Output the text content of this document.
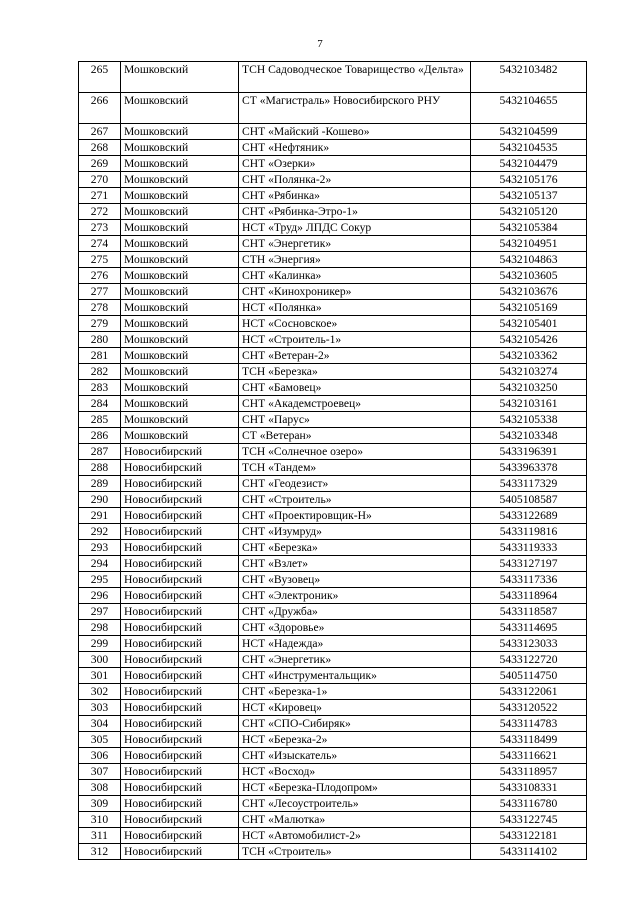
7
265	Мошковский	ТСН Садоводческое Товарищество «Дельта»	5432103482
266	Мошковский	СТ «Магистраль» Новосибирского РНУ	5432104655
267	Мошковский	СНТ «Майский -Кошево»	5432104599
268	Мошковский	СНТ «Нефтяник»	5432104535
269	Мошковский	СНТ «Озерки»	5432104479
270	Мошковский	СНТ «Полянка-2»	5432105176
271	Мошковский	СНТ «Рябинка»	5432105137
272	Мошковский	СНТ «Рябинка-Этро-1»	5432105120
273	Мошковский	НСТ «Труд» ЛПДС Сокур	5432105384
274	Мошковский	СНТ «Энергетик»	5432104951
275	Мошковский	СТН «Энергия»	5432104863
276	Мошковский	СНТ «Калинка»	5432103605
277	Мошковский	СНТ «Кинохроникер»	5432103676
278	Мошковский	НСТ «Полянка»	5432105169
279	Мошковский	НСТ «Сосновское»	5432105401
280	Мошковский	НСТ «Строитель-1»	5432105426
281	Мошковский	СНТ «Ветеран-2»	5432103362
282	Мошковский	ТСН «Березка»	5432103274
283	Мошковский	СНТ «Бамовец»	5432103250
284	Мошковский	СНТ «Академстроевец»	5432103161
285	Мошковский	СНТ «Парус»	5432105338
286	Мошковский	СТ «Ветеран»	5432103348
287	Новосибирский	ТСН «Солнечное озеро»	5433196391
288	Новосибирский	ТСН «Тандем»	5433963378
289	Новосибирский	СНТ «Геодезист»	5433117329
290	Новосибирский	СНТ «Строитель»	5405108587
291	Новосибирский	СНТ «Проектировщик-Н»	5433122689
292	Новосибирский	СНТ «Изумруд»	5433119816
293	Новосибирский	СНТ «Березка»	5433119333
294	Новосибирский	СНТ «Взлет»	5433127197
295	Новосибирский	СНТ «Вузовец»	5433117336
296	Новосибирский	СНТ «Электроник»	5433118964
297	Новосибирский	СНТ «Дружба»	5433118587
298	Новосибирский	СНТ «Здоровье»	5433114695
299	Новосибирский	НСТ «Надежда»	5433123033
300	Новосибирский	СНТ «Энергетик»	5433122720
301	Новосибирский	СНТ «Инструментальщик»	5405114750
302	Новосибирский	СНТ «Березка-1»	5433122061
303	Новосибирский	НСТ «Кировец»	5433120522
304	Новосибирский	СНТ «СПО-Сибиряк»	5433114783
305	Новосибирский	НСТ «Березка-2»	5433118499
306	Новосибирский	СНТ «Изыскатель»	5433116621
307	Новосибирский	НСТ «Восход»	5433118957
308	Новосибирский	НСТ «Березка-Плодопром»	5433108331
309	Новосибирский	СНТ «Лесоустроитель»	5433116780
310	Новосибирский	СНТ «Малютка»	5433122745
311	Новосибирский	НСТ «Автомобилист-2»	5433122181
312	Новосибирский	ТСН «Строитель»	5433114102
